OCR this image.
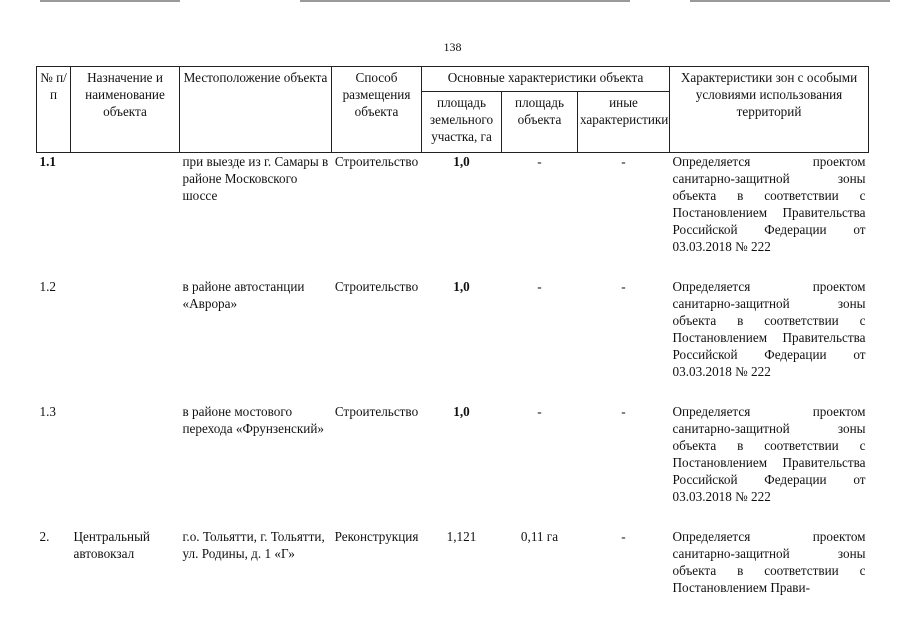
138
№ п/п	Назначение и наименование объекта	Местоположение объекта	Способ размещения объекта	Основные характеристики объекта			Характеристики зон с особыми условиями использования территорий
				площадь земельного участка, га	площадь объекта	иные характеристики	
1.1		при выезде из г. Самары в районе Московского шоссе	Строительство	1,0	-	-	Определяется проектом санитарно-защитной зоны объекта в соответствии с Постановлением Правительства Российской Федерации от 03.03.2018 № 222
1.2		в районе автостанции «Аврора»	Строительство	1,0	-	-	Определяется проектом санитарно-защитной зоны объекта в соответствии с Постановлением Правительства Российской Федерации от 03.03.2018 № 222
1.3		в районе мостового перехода «Фрунзенский»	Строительство	1,0	-	-	Определяется проектом санитарно-защитной зоны объекта в соответствии с Постановлением Правительства Российской Федерации от 03.03.2018 № 222
2.	Центральный автовокзал	г.о. Тольятти, г. Тольятти, ул. Родины, д. 1 «Г»	Реконструкция	1,121	0,11 га	-	Определяется проектом санитарно-защитной зоны объекта в соответствии с Постановлением Прави-
